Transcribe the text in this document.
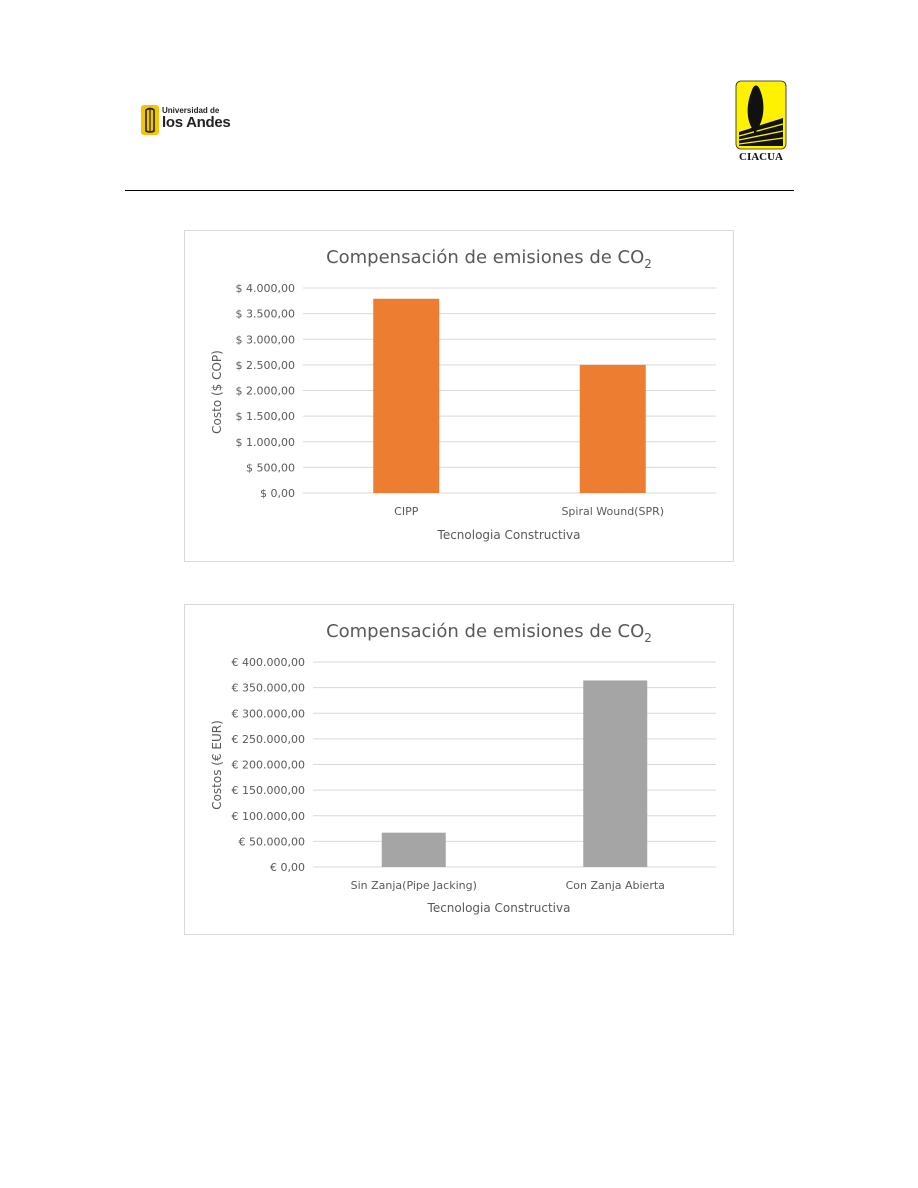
Universidad de
los Andes
CIACUA
Compensación de emisiones de $CO_2$
$ 0,00
$ 500,00
$ 1.000,00
$ 1.500,00
$ 2.000,00
$ 2.500,00
$ 3.000,00
$ 3.500,00
$ 4.000,00
CIPP	Spiral Wound(SPR)
Tecnologia Constructiva
Costo ($ COP)
Compensación de emisiones de $CO_2$
€ 0,00
€ 50.000,00
€ 100.000,00
€ 150.000,00
€ 200.000,00
€ 250.000,00
€ 300.000,00
€ 350.000,00
€ 400.000,00
Sin Zanja(Pipe Jacking)	Con Zanja Abierta
Tecnologia Constructiva
Costos (€ EUR)
